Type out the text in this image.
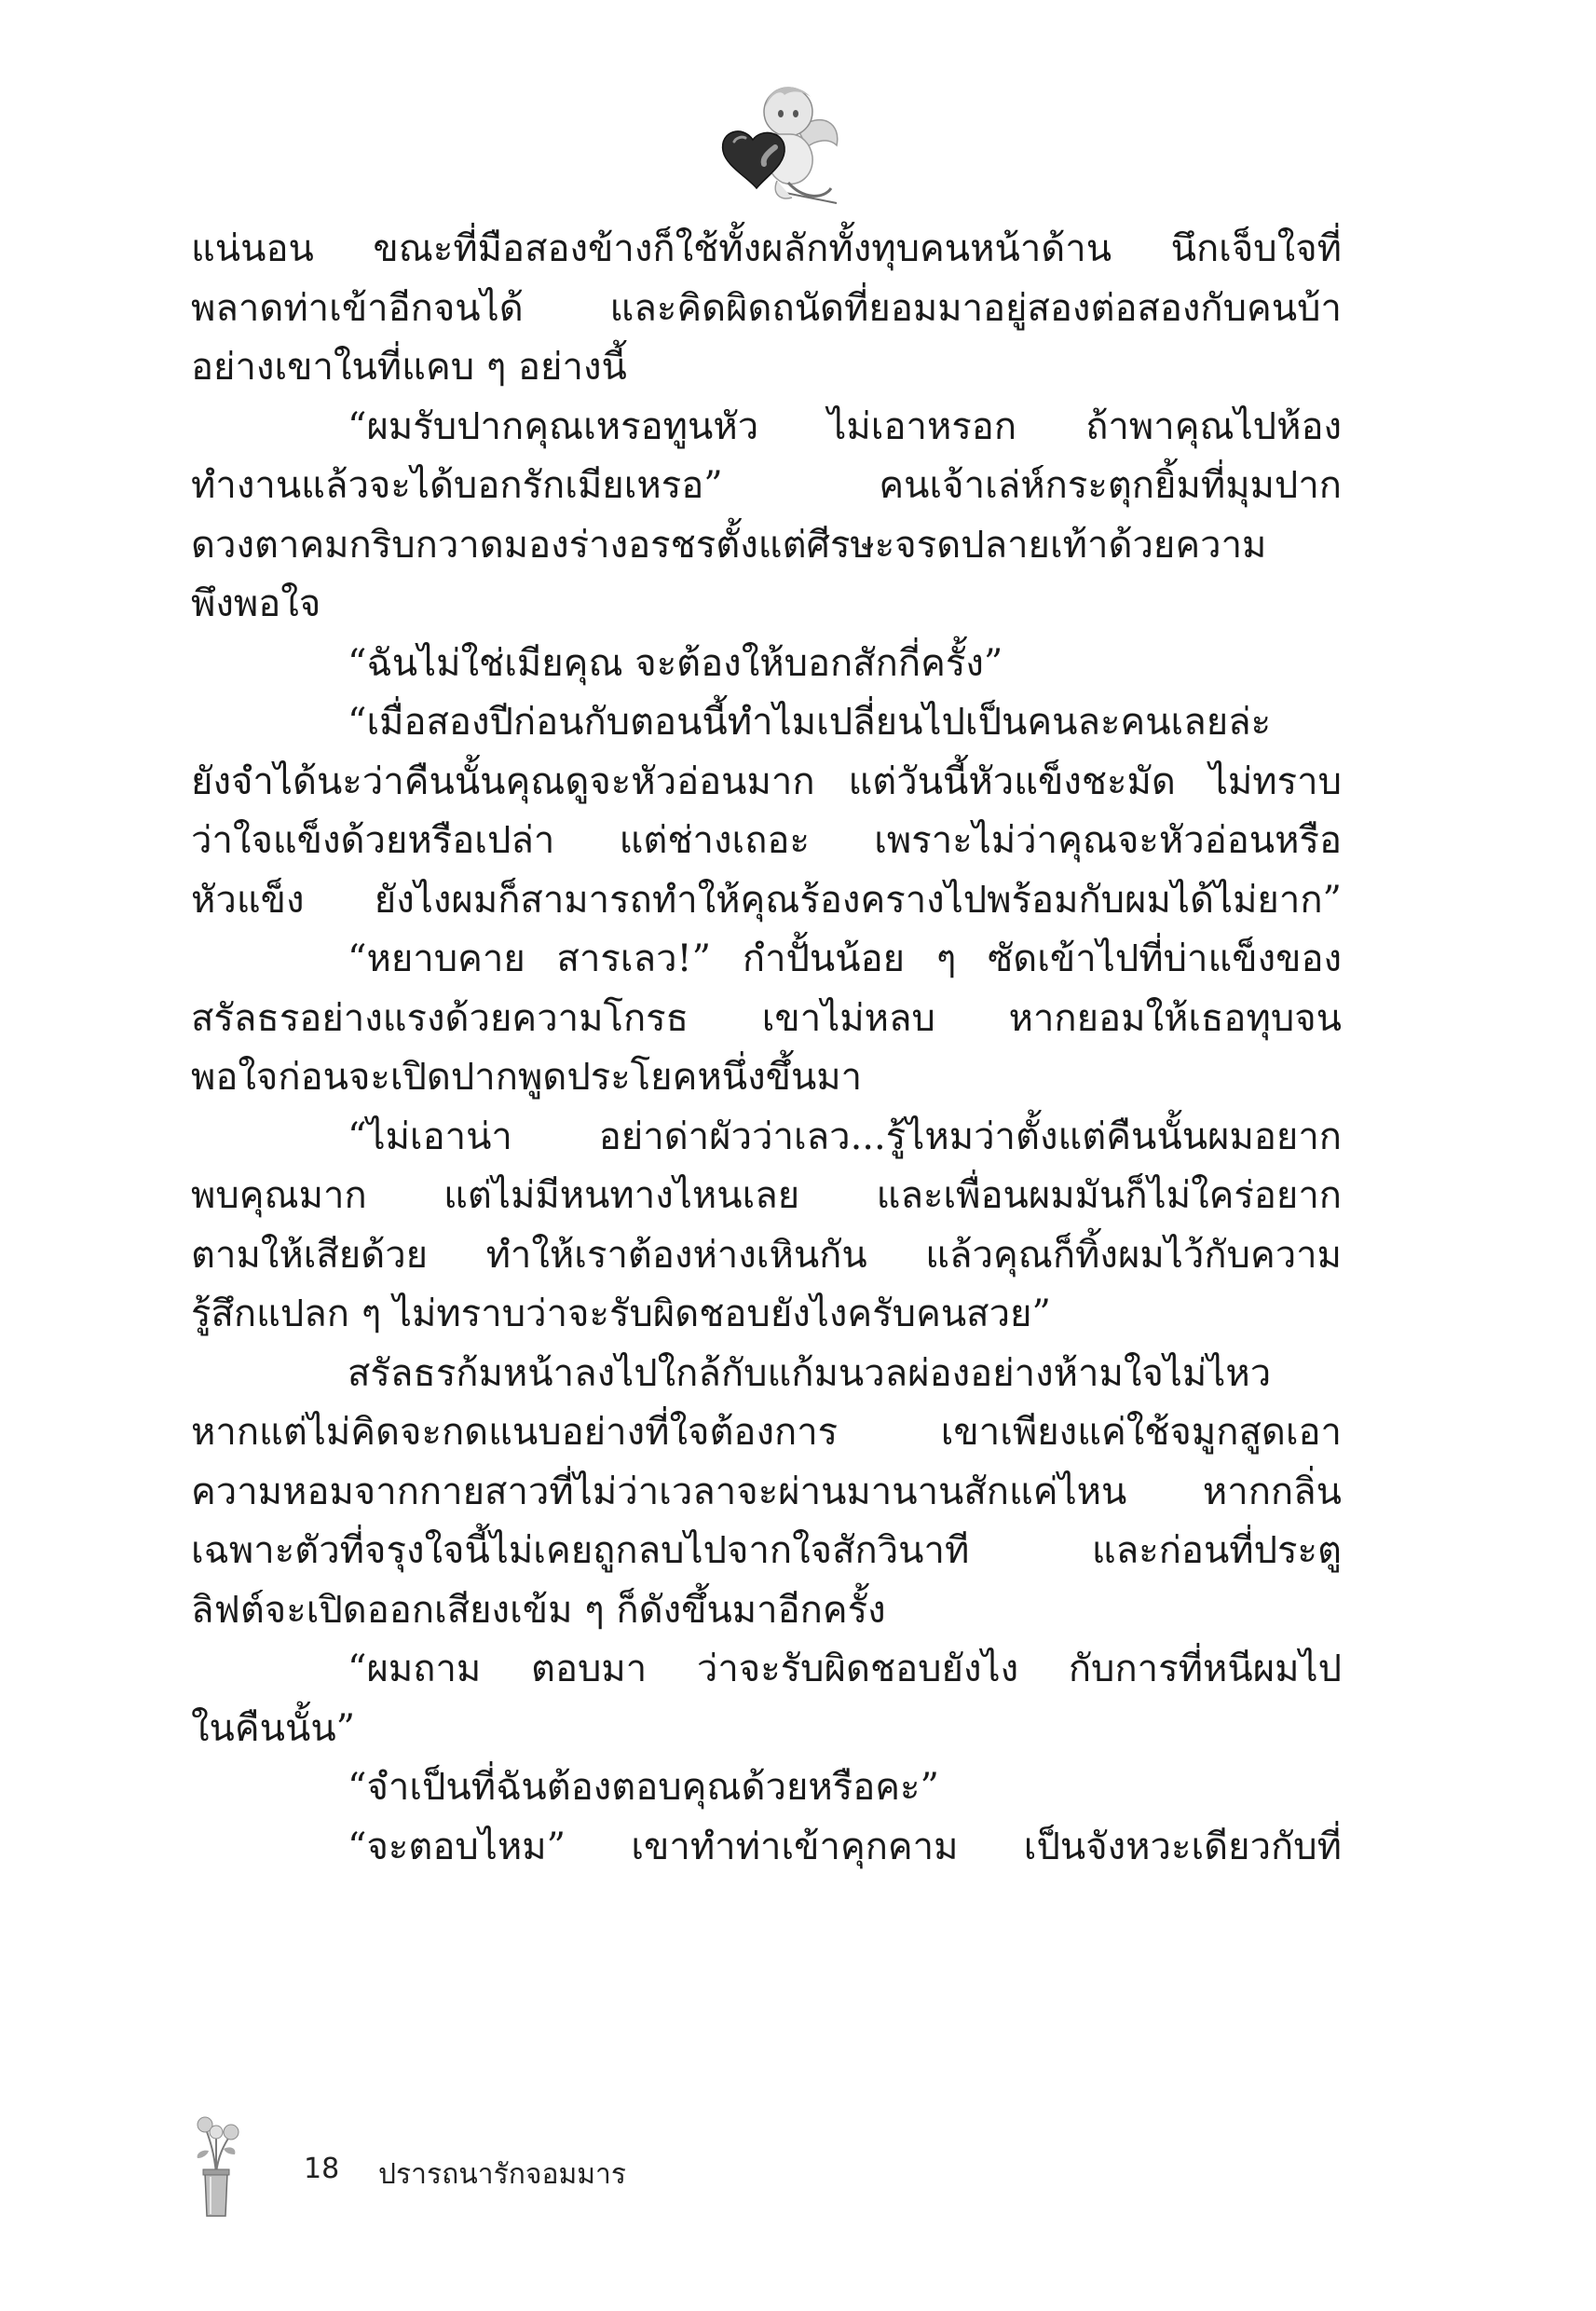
แน่นอน ขณะที่มือสองข้างก็ใช้ทั้งผลักทั้งทุบคนหน้าด้าน นึกเจ็บใจที่
พลาดท่าเข้าอีกจนได้ และคิดผิดถนัดที่ยอมมาอยู่สองต่อสองกับคนบ้า
อย่างเขาในที่แคบ ๆ อย่างนี้
“ผมรับปากคุณเหรอทูนหัว ไม่เอาหรอก ถ้าพาคุณไปห้อง
ทำงานแล้วจะได้บอกรักเมียเหรอ” คนเจ้าเล่ห์กระตุกยิ้มที่มุมปาก
ดวงตาคมกริบกวาดมองร่างอรชรตั้งแต่ศีรษะจรดปลายเท้าด้วยความ
พึงพอใจ
“ฉันไม่ใช่เมียคุณ จะต้องให้บอกสักกี่ครั้ง”
“เมื่อสองปีก่อนกับตอนนี้ทำไมเปลี่ยนไปเป็นคนละคนเลยล่ะ
ยังจำได้นะว่าคืนนั้นคุณดูจะหัวอ่อนมาก แต่วันนี้หัวแข็งชะมัด ไม่ทราบ
ว่าใจแข็งด้วยหรือเปล่า แต่ช่างเถอะ เพราะไม่ว่าคุณจะหัวอ่อนหรือ
หัวแข็ง ยังไงผมก็สามารถทำให้คุณร้องครางไปพร้อมกับผมได้ไม่ยาก”
“หยาบคาย สารเลว!” กำปั้นน้อย ๆ ซัดเข้าไปที่บ่าแข็งของ
สรัลธรอย่างแรงด้วยความโกรธ เขาไม่หลบ หากยอมให้เธอทุบจน
พอใจก่อนจะเปิดปากพูดประโยคหนึ่งขึ้นมา
“ไม่เอาน่า อย่าด่าผัวว่าเลว...รู้ไหมว่าตั้งแต่คืนนั้นผมอยาก
พบคุณมาก แต่ไม่มีหนทางไหนเลย และเพื่อนผมมันก็ไม่ใคร่อยาก
ตามให้เสียด้วย ทำให้เราต้องห่างเหินกัน แล้วคุณก็ทิ้งผมไว้กับความ
รู้สึกแปลก ๆ ไม่ทราบว่าจะรับผิดชอบยังไงครับคนสวย”
สรัลธรก้มหน้าลงไปใกล้กับแก้มนวลผ่องอย่างห้ามใจไม่ไหว
หากแต่ไม่คิดจะกดแนบอย่างที่ใจต้องการ เขาเพียงแค่ใช้จมูกสูดเอา
ความหอมจากกายสาวที่ไม่ว่าเวลาจะผ่านมานานสักแค่ไหน หากกลิ่น
เฉพาะตัวที่จรุงใจนี้ไม่เคยถูกลบไปจากใจสักวินาที และก่อนที่ประตู
ลิฟต์จะเปิดออกเสียงเข้ม ๆ ก็ดังขึ้นมาอีกครั้ง
“ผมถาม ตอบมา ว่าจะรับผิดชอบยังไง กับการที่หนีผมไป
ในคืนนั้น”
“จำเป็นที่ฉันต้องตอบคุณด้วยหรือคะ”
“จะตอบไหม” เขาทำท่าเข้าคุกคาม เป็นจังหวะเดียวกับที่
18 ปรารถนารักจอมมาร
